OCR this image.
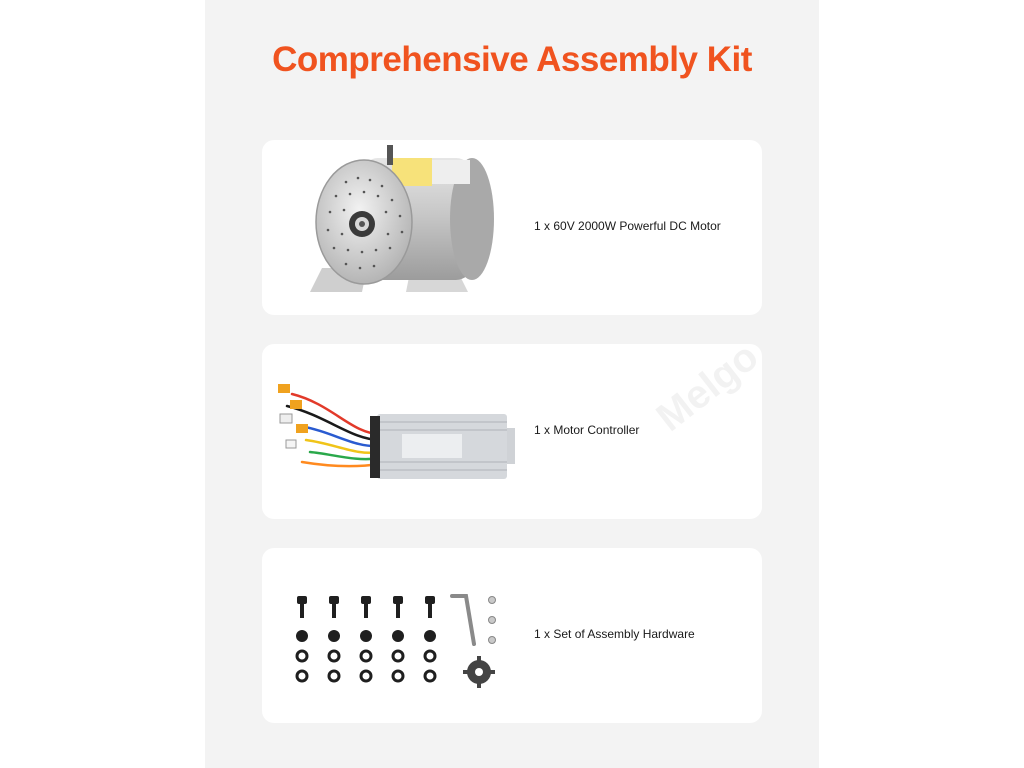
Comprehensive Assembly Kit
1 x 60V 2000W Powerful DC Motor
1 x Motor Controller
1 x Set of Assembly Hardware
